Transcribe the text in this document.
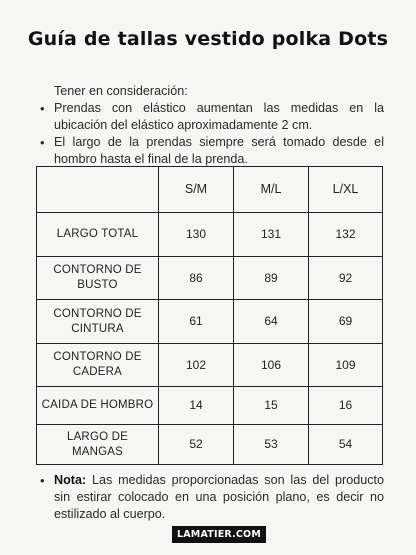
Guía de tallas vestido polka Dots
Tener en consideración:
• Prendas con elástico aumentan las medidas en la ubicación del elástico aproximadamente 2 cm.
• El largo de la prendas siempre será tomado desde el hombro hasta el final de la prenda.
	S/M	M/L	L/XL
LARGO TOTAL	130	131	132
CONTORNO DE BUSTO	86	89	92
CONTORNO DE CINTURA	61	64	69
CONTORNO DE CADERA	102	106	109
CAIDA DE HOMBRO	14	15	16
LARGO DE MANGAS	52	53	54
• Nota: Las medidas proporcionadas son las del producto sin estirar colocado en una posición plano, es decir no estilizado al cuerpo.
LAMATIER.COM
